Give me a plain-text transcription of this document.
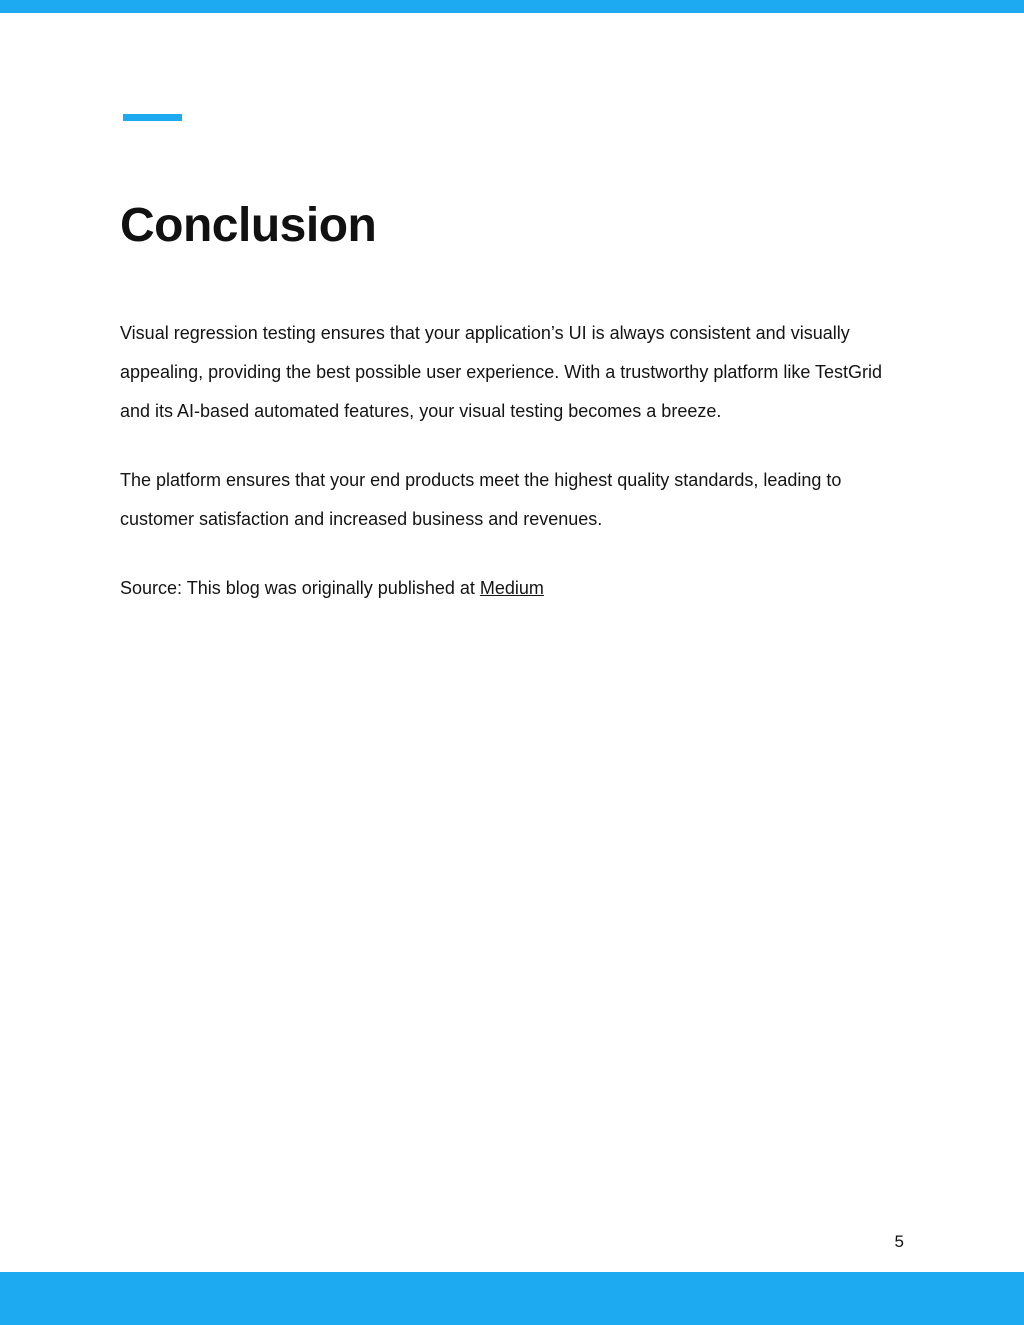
Conclusion

Visual regression testing ensures that your application’s UI is always consistent and visually appealing, providing the best possible user experience. With a trustworthy platform like TestGrid and its AI-based automated features, your visual testing becomes a breeze.

The platform ensures that your end products meet the highest quality standards, leading to customer satisfaction and increased business and revenues.

Source: This blog was originally published at Medium

5
